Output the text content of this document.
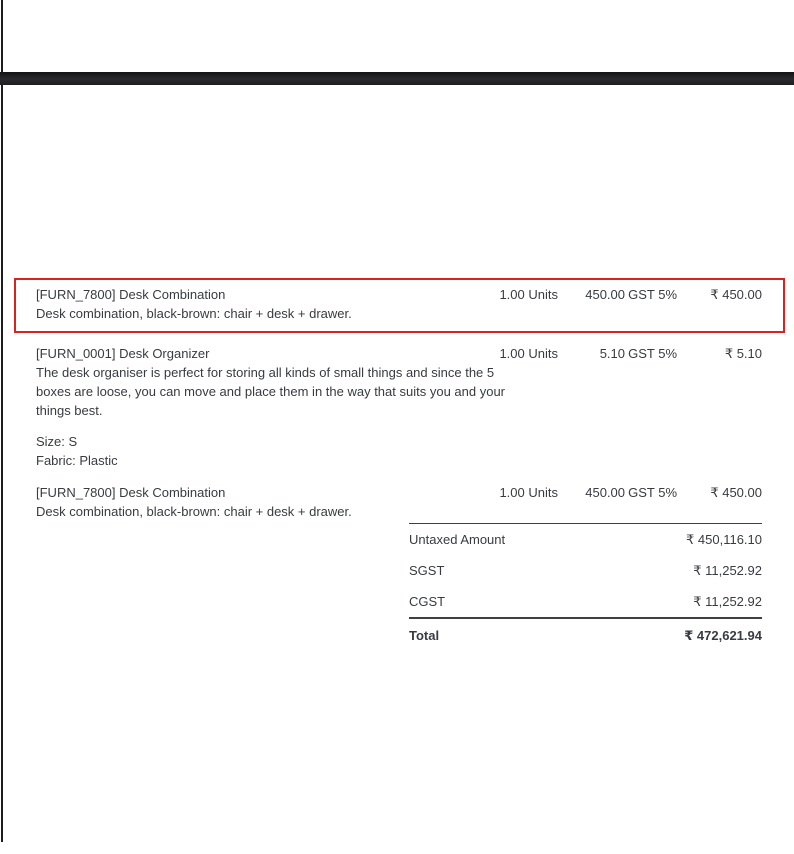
[FURN_7800] Desk Combination	1.00 Units	450.00 GST 5%	₹ 450.00
Desk combination, black-brown: chair + desk + drawer.
[FURN_0001] Desk Organizer	1.00 Units	5.10 GST 5%	₹ 5.10
The desk organiser is perfect for storing all kinds of small things and since the 5
boxes are loose, you can move and place them in the way that suits you and your
things best.
Size: S
Fabric: Plastic
[FURN_7800] Desk Combination	1.00 Units	450.00 GST 5%	₹ 450.00
Desk combination, black-brown: chair + desk + drawer.
Untaxed Amount	₹ 450,116.10
SGST	₹ 11,252.92
CGST	₹ 11,252.92
Total	₹ 472,621.94
